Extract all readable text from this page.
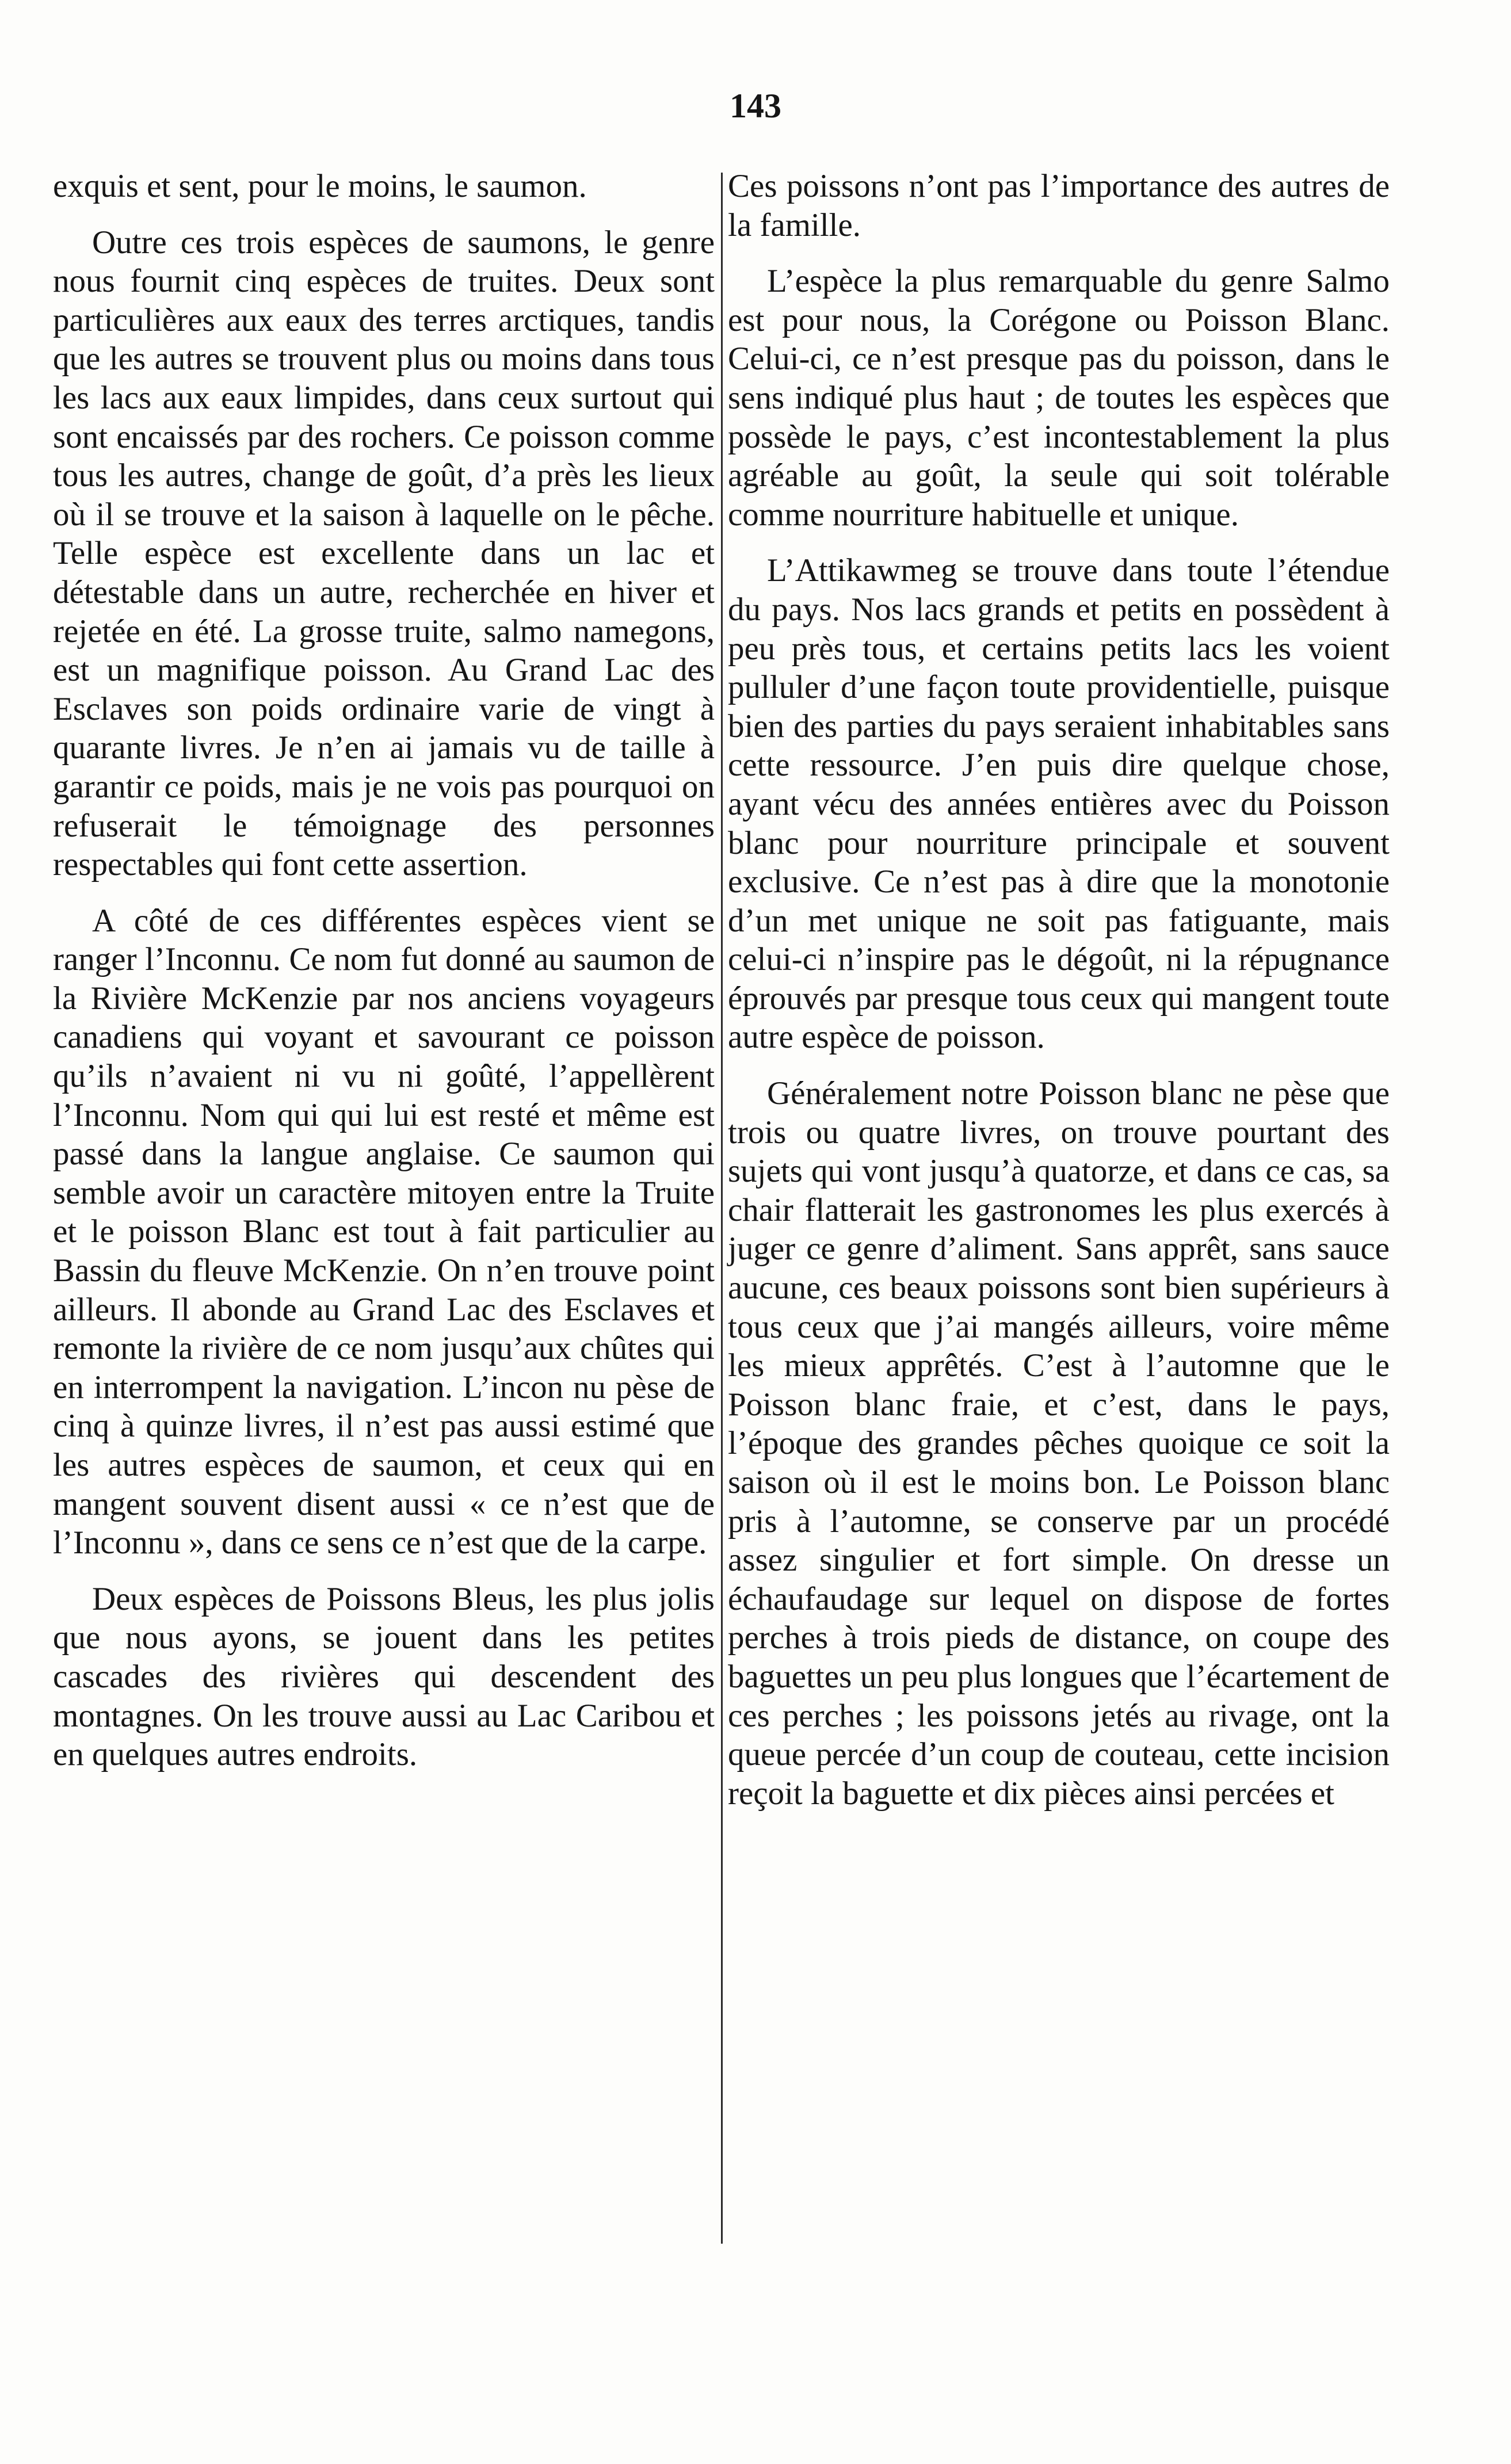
143

exquis et sent, pour le moins, le saumon.

Outre ces trois espèces de saumons, le genre nous fournit cinq espèces de truites. Deux sont particulières aux eaux des terres arctiques, tandis que les autres se trouvent plus ou moins dans tous les lacs aux eaux limpides, dans ceux surtout qui sont encaissés par des rochers. Ce poisson comme tous les autres, change de goût, d’a près les lieux où il se trouve et la saison à laquelle on le pêche. Telle espèce est excellente dans un lac et détestable dans un autre, recherchée en hiver et rejetée en été. La grosse truite, salmo namegons, est un magnifique poisson. Au Grand Lac des Esclaves son poids ordinaire varie de vingt à quarante livres. Je n’en ai jamais vu de taille à garantir ce poids, mais je ne vois pas pourquoi on refuserait le témoignage des personnes respectables qui font cette assertion.

A côté de ces différentes espèces vient se ranger l’Inconnu. Ce nom fut donné au saumon de la Rivière McKenzie par nos anciens voyageurs canadiens qui voyant et savourant ce poisson qu’ils n’avaient ni vu ni goûté, l’appellèrent l’Inconnu. Nom qui qui lui est resté et même est passé dans la langue anglaise. Ce saumon qui semble avoir un caractère mitoyen entre la Truite et le poisson Blanc est tout à fait particulier au Bassin du fleuve McKenzie. On n’en trouve point ailleurs. Il abonde au Grand Lac des Esclaves et remonte la rivière de ce nom jusqu’aux chûtes qui en interrompent la navigation. L’incon nu pèse de cinq à quinze livres, il n’est pas aussi estimé que les autres espèces de saumon, et ceux qui en mangent souvent disent aussi « ce n’est que de l’Inconnu », dans ce sens ce n’est que de la carpe.

Deux espèces de Poissons Bleus, les plus jolis que nous ayons, se jouent dans les petites cascades des rivières qui descendent des montagnes. On les trouve aussi au Lac Caribou et en quelques autres endroits.

Ces poissons n’ont pas l’importance des autres de la famille.

L’espèce la plus remarquable du genre Salmo est pour nous, la Corégone ou Poisson Blanc. Celui-ci, ce n’est presque pas du poisson, dans le sens indiqué plus haut ; de toutes les espèces que possède le pays, c’est incontestablement la plus agréable au goût, la seule qui soit tolérable comme nourriture habituelle et unique.

L’Attikawmeg se trouve dans toute l’étendue du pays. Nos lacs grands et petits en possèdent à peu près tous, et certains petits lacs les voient pulluler d’une façon toute providentielle, puisque bien des parties du pays seraient inhabitables sans cette ressource. J’en puis dire quelque chose, ayant vécu des années entières avec du Poisson blanc pour nourriture principale et souvent exclusive. Ce n’est pas à dire que la monotonie d’un met unique ne soit pas fatiguante, mais celui-ci n’inspire pas le dégoût, ni la répugnance éprouvés par presque tous ceux qui mangent toute autre espèce de poisson.

Généralement notre Poisson blanc ne pèse que trois ou quatre livres, on trouve pourtant des sujets qui vont jusqu’à quatorze, et dans ce cas, sa chair flatterait les gastronomes les plus exercés à juger ce genre d’aliment. Sans apprêt, sans sauce aucune, ces beaux poissons sont bien supérieurs à tous ceux que j’ai mangés ailleurs, voire même les mieux apprêtés. C’est à l’automne que le Poisson blanc fraie, et c’est, dans le pays, l’époque des grandes pêches quoique ce soit la saison où il est le moins bon. Le Poisson blanc pris à l’automne, se conserve par un procédé assez singulier et fort simple. On dresse un échaufaudage sur lequel on dispose de fortes perches à trois pieds de distance, on coupe des baguettes un peu plus longues que l’écartement de ces perches ; les poissons jetés au rivage, ont la queue percée d’un coup de couteau, cette incision reçoit la baguette et dix pièces ainsi percées et
